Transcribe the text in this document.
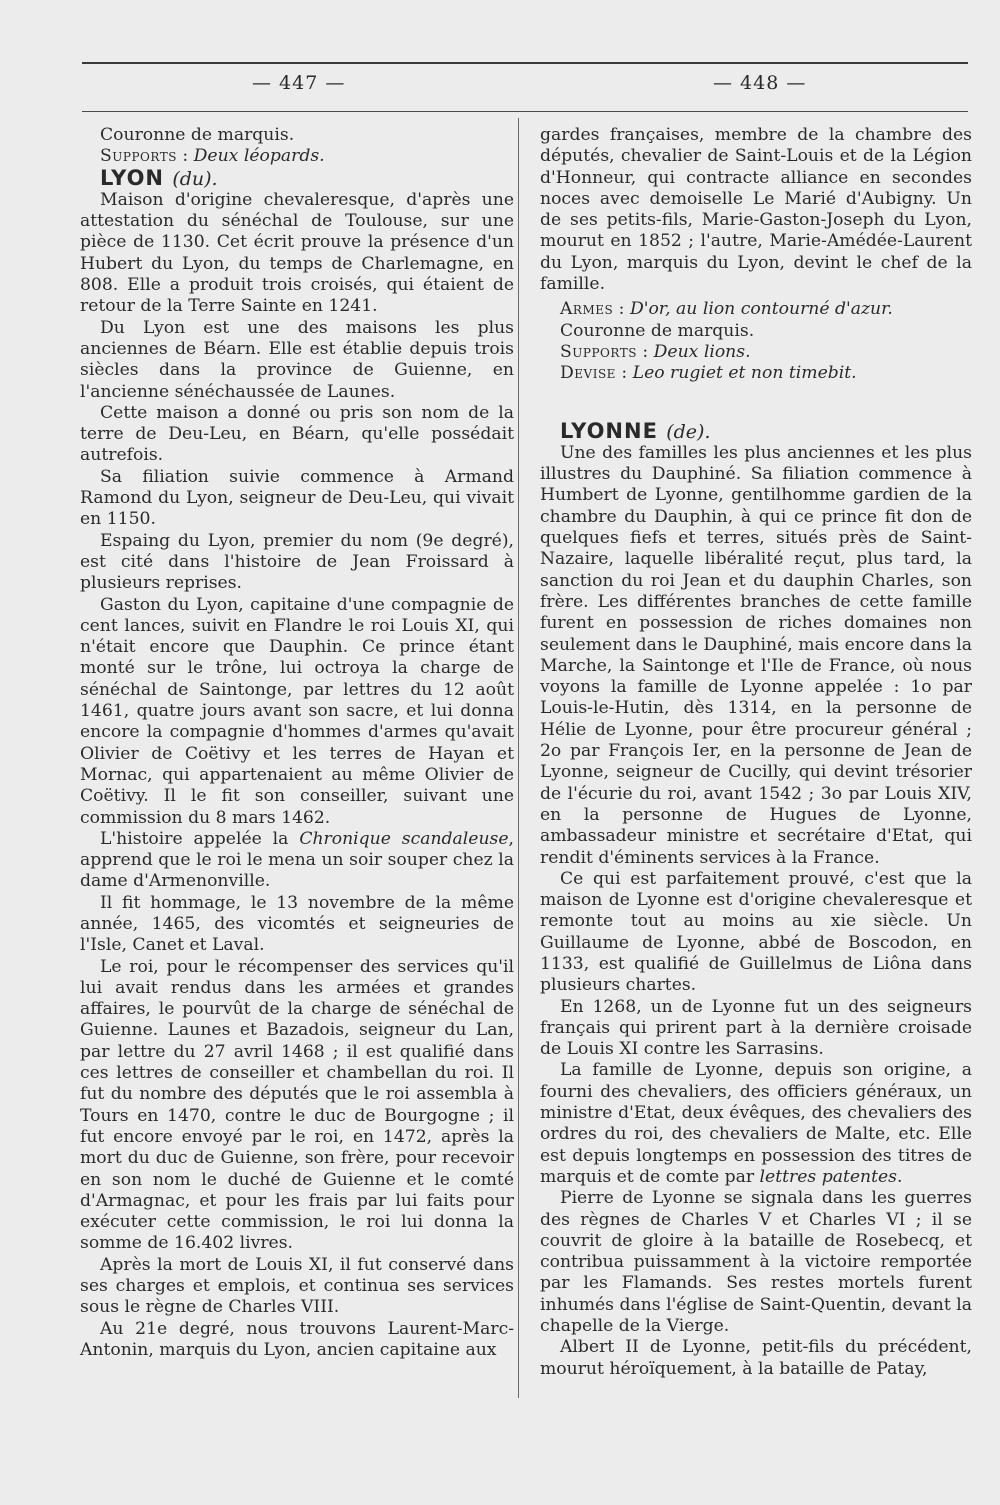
— 447 —	— 448 —

Couronne de marquis.

Supports : Deux léopards.

LYON (du).

Maison d'origine chevaleresque, d'après une attestation du sénéchal de Toulouse, sur une pièce de 1130. Cet écrit prouve la présence d'un Hubert du Lyon, du temps de Charlemagne, en 808. Elle a produit trois croisés, qui étaient de retour de la Terre Sainte en 1241.

Du Lyon est une des maisons les plus anciennes de Béarn. Elle est établie depuis trois siècles dans la province de Guienne, en l'ancienne sénéchaussée de Launes.

Cette maison a donné ou pris son nom de la terre de Deu-Leu, en Béarn, qu'elle possédait autrefois.

Sa filiation suivie commence à Armand Ramond du Lyon, seigneur de Deu-Leu, qui vivait en 1150.

Espaing du Lyon, premier du nom (9e degré), est cité dans l'histoire de Jean Froissard à plusieurs reprises.

Gaston du Lyon, capitaine d'une compagnie de cent lances, suivit en Flandre le roi Louis XI, qui n'était encore que Dauphin. Ce prince étant monté sur le trône, lui octroya la charge de sénéchal de Saintonge, par lettres du 12 août 1461, quatre jours avant son sacre, et lui donna encore la compagnie d'hommes d'armes qu'avait Olivier de Coëtivy et les terres de Hayan et Mornac, qui appartenaient au même Olivier de Coëtivy. Il le fit son conseiller, suivant une commission du 8 mars 1462.

L'histoire appelée la Chronique scandaleuse, apprend que le roi le mena un soir souper chez la dame d'Armenonville.

Il fit hommage, le 13 novembre de la même année, 1465, des vicomtés et seigneuries de l'Isle, Canet et Laval.

Le roi, pour le récompenser des services qu'il lui avait rendus dans les armées et grandes affaires, le pourvût de la charge de sénéchal de Guienne. Launes et Bazadois, seigneur du Lan, par lettre du 27 avril 1468 ; il est qualifié dans ces lettres de conseiller et chambellan du roi. Il fut du nombre des députés que le roi assembla à Tours en 1470, contre le duc de Bourgogne ; il fut encore envoyé par le roi, en 1472, après la mort du duc de Guienne, son frère, pour recevoir en son nom le duché de Guienne et le comté d'Armagnac, et pour les frais par lui faits pour exécuter cette commission, le roi lui donna la somme de 16.402 livres.

Après la mort de Louis XI, il fut conservé dans ses charges et emplois, et continua ses services sous le règne de Charles VIII.

Au 21e degré, nous trouvons Laurent-Marc-Antonin, marquis du Lyon, ancien capitaine aux

gardes françaises, membre de la chambre des députés, chevalier de Saint-Louis et de la Légion d'Honneur, qui contracte alliance en secondes noces avec demoiselle Le Marié d'Aubigny. Un de ses petits-fils, Marie-Gaston-Joseph du Lyon, mourut en 1852 ; l'autre, Marie-Amédée-Laurent du Lyon, marquis du Lyon, devint le chef de la famille.

Armes : D'or, au lion contourné d'azur.

Couronne de marquis.

Supports : Deux lions.

Devise : Leo rugiet et non timebit.

LYONNE (de).

Une des familles les plus anciennes et les plus illustres du Dauphiné. Sa filiation commence à Humbert de Lyonne, gentilhomme gardien de la chambre du Dauphin, à qui ce prince fit don de quelques fiefs et terres, situés près de Saint-Nazaire, laquelle libéralité reçut, plus tard, la sanction du roi Jean et du dauphin Charles, son frère. Les différentes branches de cette famille furent en possession de riches domaines non seulement dans le Dauphiné, mais encore dans la Marche, la Saintonge et l'Ile de France, où nous voyons la famille de Lyonne appelée : 1o par Louis-le-Hutin, dès 1314, en la personne de Hélie de Lyonne, pour être procureur général ; 2o par François Ier, en la personne de Jean de Lyonne, seigneur de Cucilly, qui devint trésorier de l'écurie du roi, avant 1542 ; 3o par Louis XIV, en la personne de Hugues de Lyonne, ambassadeur ministre et secrétaire d'Etat, qui rendit d'éminents services à la France.

Ce qui est parfaitement prouvé, c'est que la maison de Lyonne est d'origine chevaleresque et remonte tout au moins au xie siècle. Un Guillaume de Lyonne, abbé de Boscodon, en 1133, est qualifié de Guillelmus de Liôna dans plusieurs chartes.

En 1268, un de Lyonne fut un des seigneurs français qui prirent part à la dernière croisade de Louis XI contre les Sarrasins.

La famille de Lyonne, depuis son origine, a fourni des chevaliers, des officiers généraux, un ministre d'Etat, deux évêques, des chevaliers des ordres du roi, des chevaliers de Malte, etc. Elle est depuis longtemps en possession des titres de marquis et de comte par lettres patentes.

Pierre de Lyonne se signala dans les guerres des règnes de Charles V et Charles VI ; il se couvrit de gloire à la bataille de Rosebecq, et contribua puissamment à la victoire remportée par les Flamands. Ses restes mortels furent inhumés dans l'église de Saint-Quentin, devant la chapelle de la Vierge.

Albert II de Lyonne, petit-fils du précédent, mourut héroïquement, à la bataille de Patay,
